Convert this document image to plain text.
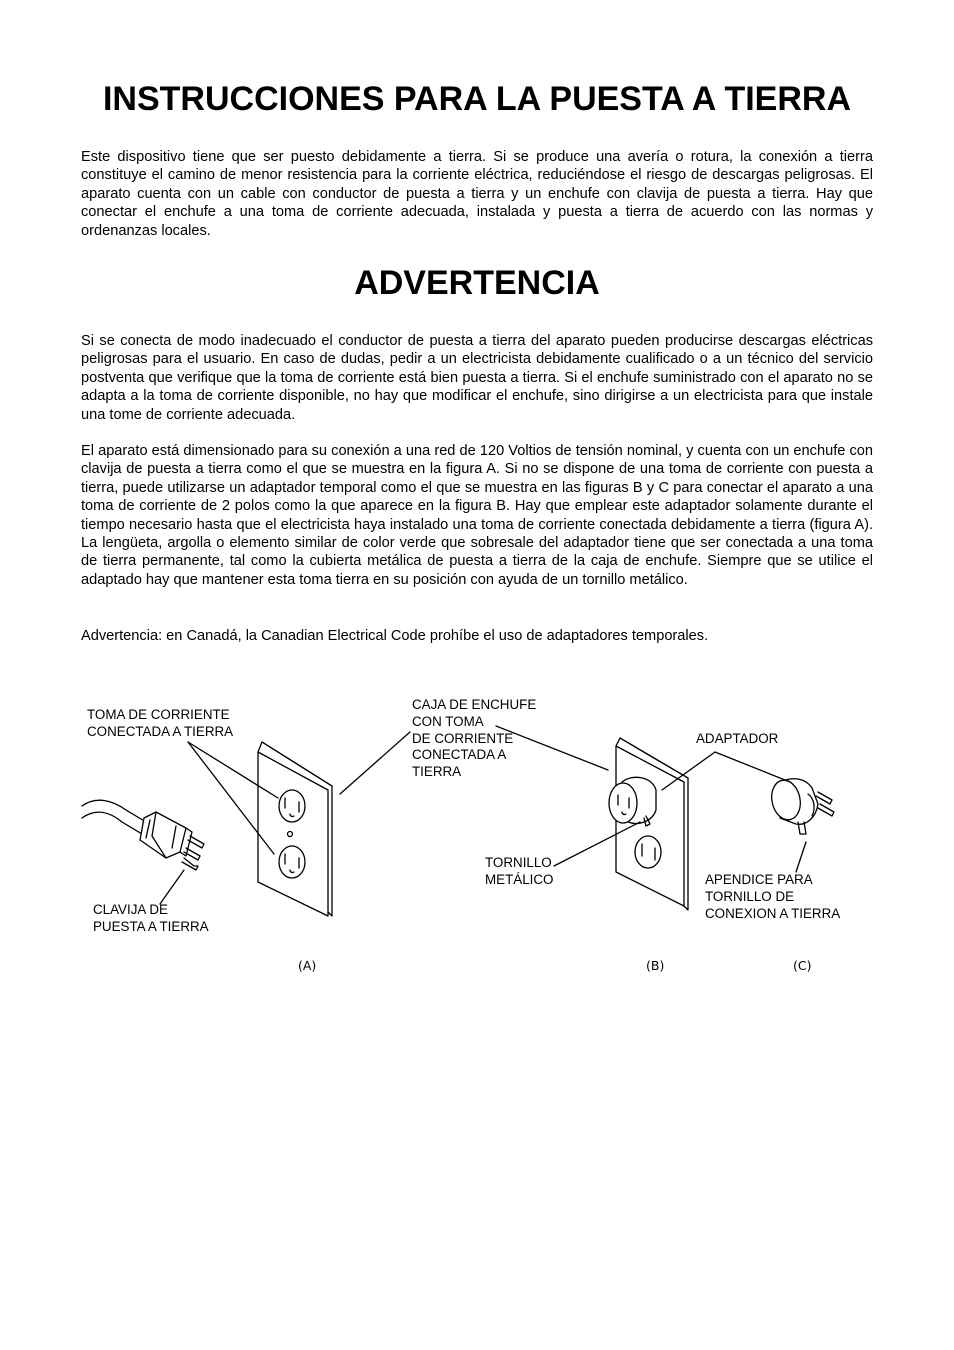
INSTRUCCIONES PARA LA PUESTA A TIERRA

Este dispositivo tiene que ser puesto debidamente a tierra. Si se produce una avería o rotura, la conexión a tierra constituye el camino de menor resistencia para la corriente eléctrica, reduciéndose el riesgo de descargas peligrosas. El aparato cuenta con un cable con conductor de puesta a tierra y un enchufe con clavija de puesta a tierra. Hay que conectar el enchufe a una toma de corriente adecuada, instalada y puesta a tierra de acuerdo con las normas y ordenanzas locales.

ADVERTENCIA

Si se conecta de modo inadecuado el conductor de puesta a tierra del aparato pueden producirse descargas eléctricas peligrosas para el usuario. En caso de dudas, pedir a un electricista debidamente cualificado o a un técnico del servicio postventa que verifique que la toma de corriente está bien puesta a tierra. Si el enchufe suministrado con el aparato no se adapta a la toma de corriente disponible, no hay que modificar el enchufe, sino dirigirse a un electricista para que instale una tome de corriente adecuada.

El aparato está dimensionado para su conexión a una red de 120 Voltios de tensión nominal, y cuenta con un enchufe con clavija de puesta a tierra como el que se muestra en la figura A. Si no se dispone de una toma de corriente con puesta a tierra, puede utilizarse un adaptador temporal como el que se muestra en las figuras B y C para conectar el aparato a una toma de corriente de 2 polos como la que aparece en la figura B. Hay que emplear este adaptador solamente durante el tiempo necesario hasta que el electricista haya instalado una toma de corriente conectada debidamente a tierra (figura A). La lengüeta, argolla o elemento similar de color verde que sobresale del adaptador tiene que ser conectada a una toma de tierra permanente, tal como la cubierta metálica de puesta a tierra de la caja de enchufe. Siempre que se utilice el adaptado hay que mantener esta toma tierra en su posición con ayuda de un tornillo metálico.

Advertencia: en Canadá, la Canadian Electrical Code prohíbe el uso de adaptadores temporales.

TOMA DE CORRIENTE
CONECTADA A TIERRA
CLAVIJA DE
PUESTA A TIERRA
CAJA DE ENCHUFE
CON TOMA
DE CORRIENTE
CONECTADA A
TIERRA
ADAPTADOR
TORNILLO
METÁLICO	APENDICE PARA
TORNILLO DE
CONEXION A TIERRA
(A)	(B)	(C)
